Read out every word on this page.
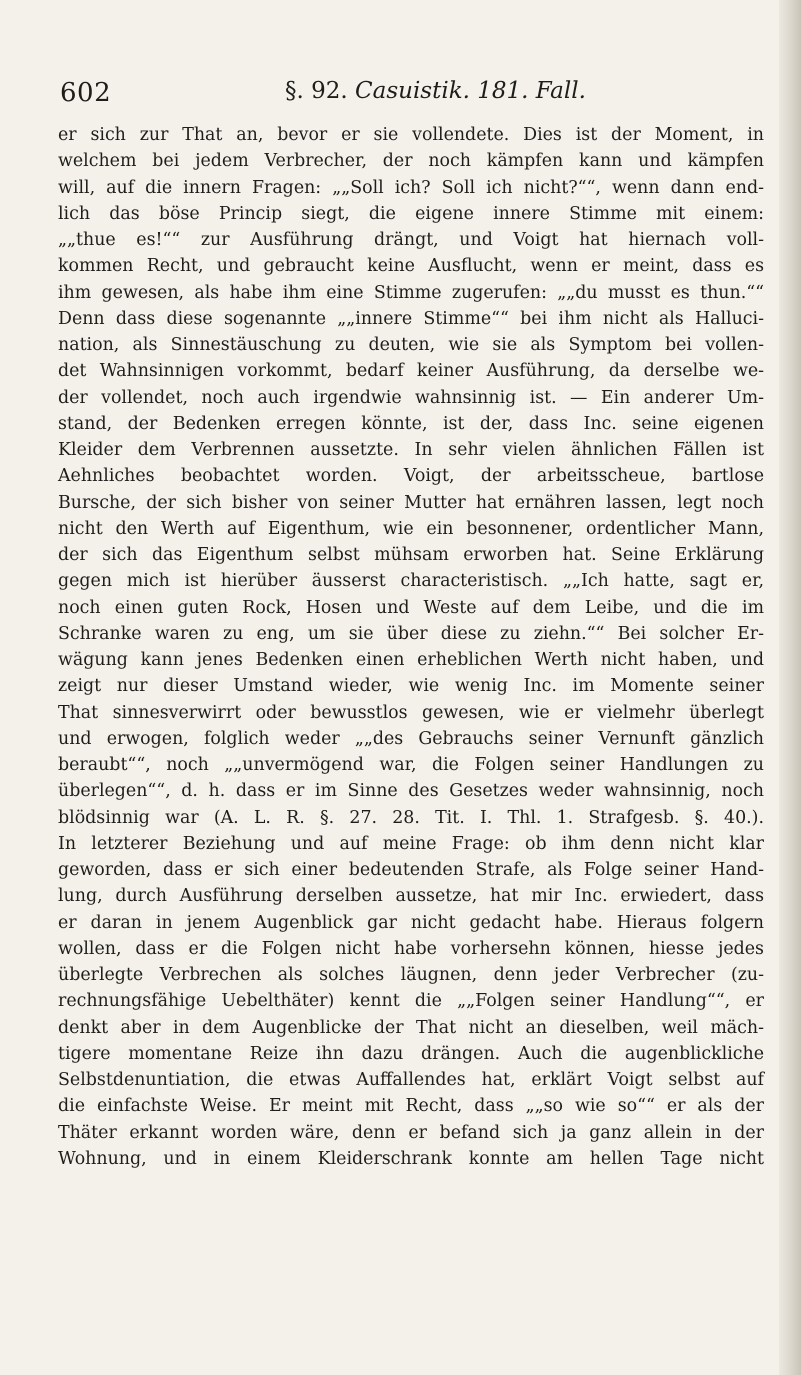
602	§. 92. Casuistik. 181. Fall.
er sich zur That an, bevor er sie vollendete. Dies ist der Moment, in
welchem bei jedem Verbrecher, der noch kämpfen kann und kämpfen
will, auf die innern Fragen: „„Soll ich? Soll ich nicht?““, wenn dann end-
lich das böse Princip siegt, die eigene innere Stimme mit einem:
„„thue es!““ zur Ausführung drängt, und Voigt hat hiernach voll-
kommen Recht, und gebraucht keine Ausflucht, wenn er meint, dass es
ihm gewesen, als habe ihm eine Stimme zugerufen: „„du musst es thun.““
Denn dass diese sogenannte „„innere Stimme““ bei ihm nicht als Halluci-
nation, als Sinnestäuschung zu deuten, wie sie als Symptom bei vollen-
det Wahnsinnigen vorkommt, bedarf keiner Ausführung, da derselbe we-
der vollendet, noch auch irgendwie wahnsinnig ist. — Ein anderer Um-
stand, der Bedenken erregen könnte, ist der, dass Inc. seine eigenen
Kleider dem Verbrennen aussetzte. In sehr vielen ähnlichen Fällen ist
Aehnliches beobachtet worden. Voigt, der arbeitsscheue, bartlose
Bursche, der sich bisher von seiner Mutter hat ernähren lassen, legt noch
nicht den Werth auf Eigenthum, wie ein besonnener, ordentlicher Mann,
der sich das Eigenthum selbst mühsam erworben hat. Seine Erklärung
gegen mich ist hierüber äusserst characteristisch. „„Ich hatte, sagt er,
noch einen guten Rock, Hosen und Weste auf dem Leibe, und die im
Schranke waren zu eng, um sie über diese zu ziehn.““ Bei solcher Er-
wägung kann jenes Bedenken einen erheblichen Werth nicht haben, und
zeigt nur dieser Umstand wieder, wie wenig Inc. im Momente seiner
That sinnesverwirrt oder bewusstlos gewesen, wie er vielmehr überlegt
und erwogen, folglich weder „„des Gebrauchs seiner Vernunft gänzlich
beraubt““, noch „„unvermögend war, die Folgen seiner Handlungen zu
überlegen““, d. h. dass er im Sinne des Gesetzes weder wahnsinnig, noch
blödsinnig war (A. L. R. §. 27. 28. Tit. I. Thl. 1. Strafgesb. §. 40.).
In letzterer Beziehung und auf meine Frage: ob ihm denn nicht klar
geworden, dass er sich einer bedeutenden Strafe, als Folge seiner Hand-
lung, durch Ausführung derselben aussetze, hat mir Inc. erwiedert, dass
er daran in jenem Augenblick gar nicht gedacht habe. Hieraus folgern
wollen, dass er die Folgen nicht habe vorhersehn können, hiesse jedes
überlegte Verbrechen als solches läugnen, denn jeder Verbrecher (zu-
rechnungsfähige Uebelthäter) kennt die „„Folgen seiner Handlung““, er
denkt aber in dem Augenblicke der That nicht an dieselben, weil mäch-
tigere momentane Reize ihn dazu drängen. Auch die augenblickliche
Selbstdenuntiation, die etwas Auffallendes hat, erklärt Voigt selbst auf
die einfachste Weise. Er meint mit Recht, dass „„so wie so““ er als der
Thäter erkannt worden wäre, denn er befand sich ja ganz allein in der
Wohnung, und in einem Kleiderschrank konnte am hellen Tage nicht
